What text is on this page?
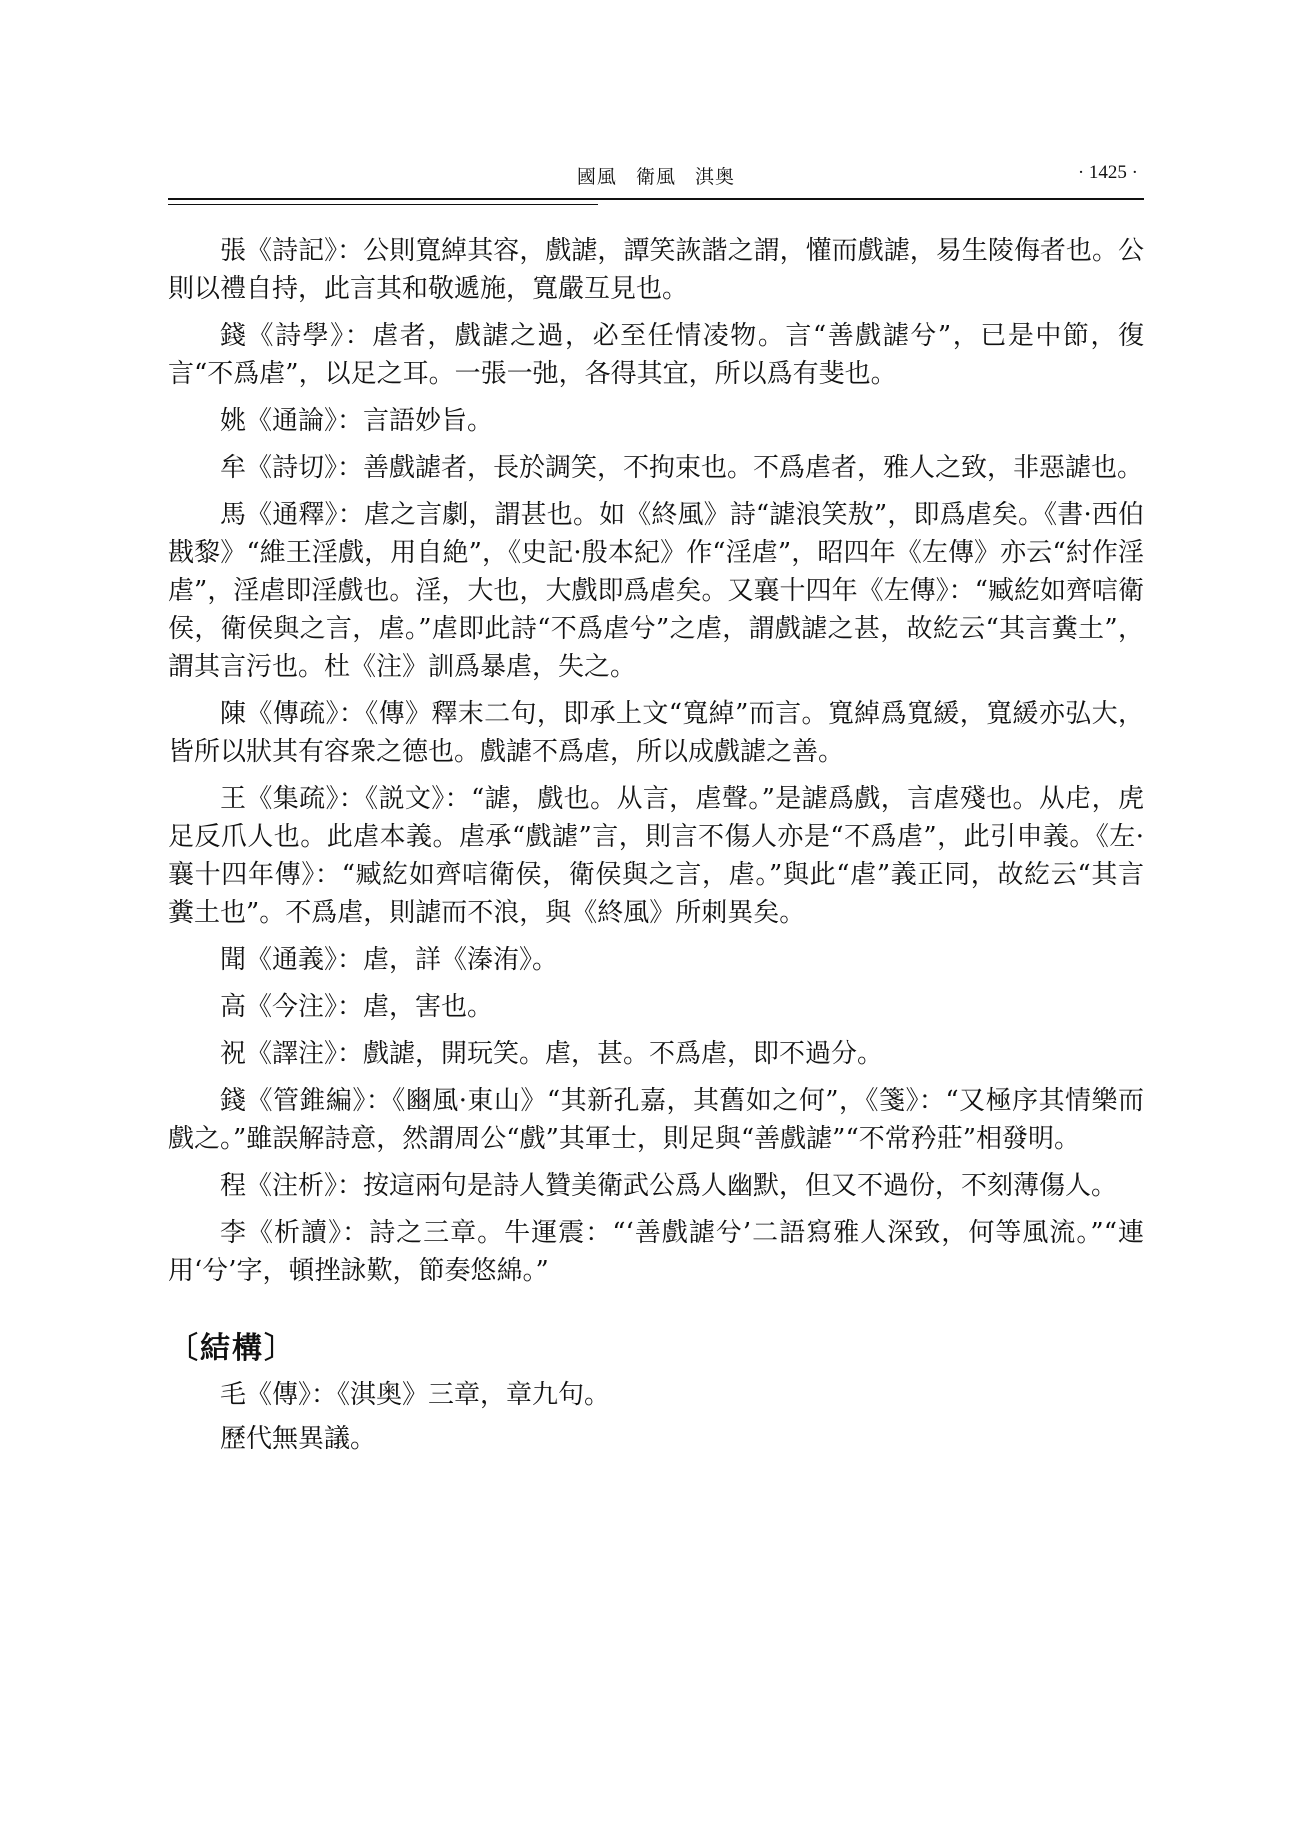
國風 衛風 淇奥	· 1425 ·

張《詩記》：公則寬綽其容，戲謔，譚笑詼諧之謂，懽而戲謔，易生陵侮者也。公則以禮自持，此言其和敬遞施，寬嚴互見也。

錢《詩學》：虐者，戲謔之過，必至任情凌物。言“善戲謔兮”，已是中節，復言“不爲虐”，以足之耳。一張一弛，各得其宜，所以爲有斐也。

姚《通論》：言語妙旨。

牟《詩切》：善戲謔者，長於調笑，不拘束也。不爲虐者，雅人之致，非惡謔也。

馬《通釋》：虐之言劇，謂甚也。如《終風》詩“謔浪笑敖”，即爲虐矣。《書·西伯戡黎》“維王淫戲，用自絶”，《史記·殷本紀》作“淫虐”，昭四年《左傳》亦云“紂作淫虐”，淫虐即淫戲也。淫，大也，大戲即爲虐矣。又襄十四年《左傳》：“臧紇如齊唁衛侯，衛侯與之言，虐。”虐即此詩“不爲虐兮”之虐，謂戲謔之甚，故紇云“其言糞土”，謂其言污也。杜《注》訓爲暴虐，失之。

陳《傳疏》：《傳》釋末二句，即承上文“寬綽”而言。寬綽爲寬緩，寬緩亦弘大，皆所以狀其有容衆之德也。戲謔不爲虐，所以成戲謔之善。

王《集疏》：《説文》：“謔，戲也。从言，虐聲。”是謔爲戲，言虐殘也。从虍，虎足反爪人也。此虐本義。虐承“戲謔”言，則言不傷人亦是“不爲虐”，此引申義。《左·襄十四年傳》：“臧紇如齊唁衛侯，衛侯與之言，虐。”與此“虐”義正同，故紇云“其言糞土也”。不爲虐，則謔而不浪，與《終風》所刺異矣。

聞《通義》：虐，詳《溱洧》。

高《今注》：虐，害也。

祝《譯注》：戲謔，開玩笑。虐，甚。不爲虐，即不過分。

錢《管錐編》：《豳風·東山》“其新孔嘉，其舊如之何”，《箋》：“又極序其情樂而戲之。”雖誤解詩意，然謂周公“戲”其軍士，則足與“善戲謔”“不常矜莊”相發明。

程《注析》：按這兩句是詩人贊美衛武公爲人幽默，但又不過份，不刻薄傷人。

李《析讀》：詩之三章。牛運震：“‘善戲謔兮’二語寫雅人深致，何等風流。”“連用‘兮’字，頓挫詠歎，節奏悠綿。”

〔結構〕

毛《傳》：《淇奥》三章，章九句。

歷代無異議。
